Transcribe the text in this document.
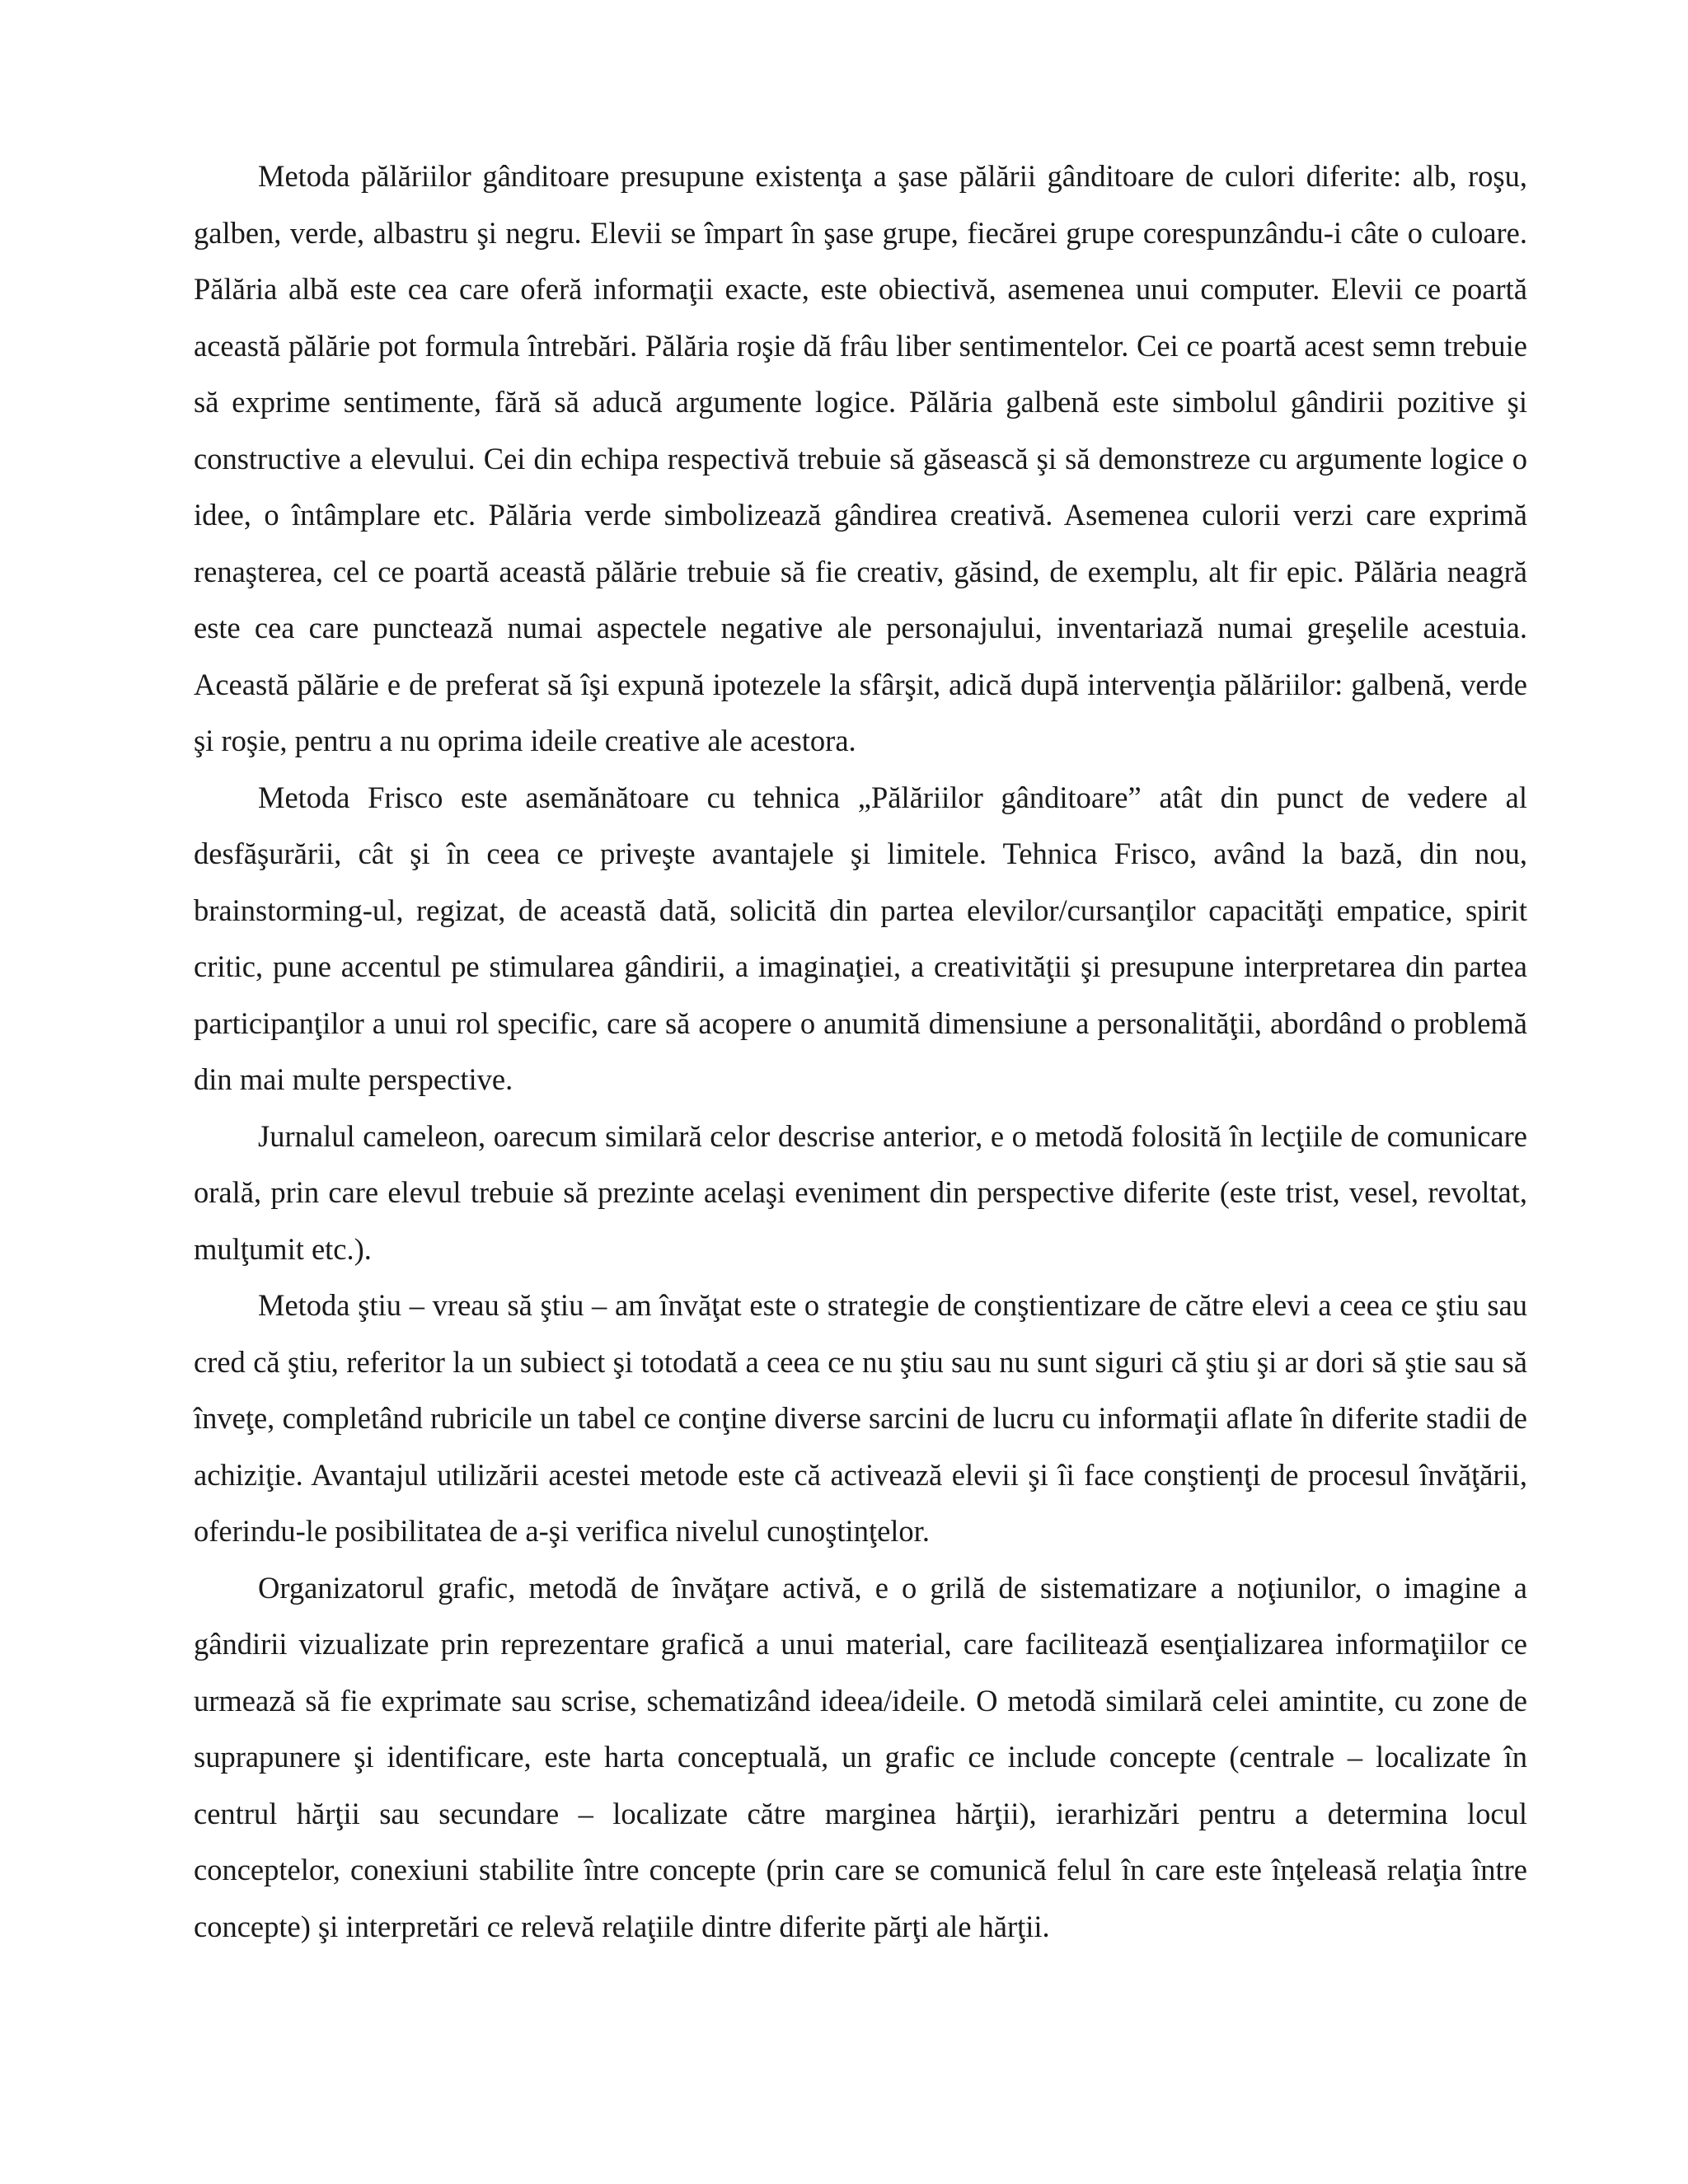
Metoda pălăriilor gânditoare presupune existenţa a şase pălării gânditoare de culori diferite: alb, roşu, galben, verde, albastru şi negru. Elevii se împart în şase grupe, fiecărei grupe corespunzându-i câte o culoare. Pălăria albă este cea care oferă informaţii exacte, este obiectivă, asemenea unui computer. Elevii ce poartă această pălărie pot formula întrebări. Pălăria roşie dă frâu liber sentimentelor. Cei ce poartă acest semn trebuie să exprime sentimente, fără să aducă argumente logice. Pălăria galbenă este simbolul gândirii pozitive şi constructive a elevului. Cei din echipa respectivă trebuie să găsească şi să demonstreze cu argumente logice o idee, o întâmplare etc. Pălăria verde simbolizează gândirea creativă. Asemenea culorii verzi care exprimă renaşterea, cel ce poartă această pălărie trebuie să fie creativ, găsind, de exemplu, alt fir epic. Pălăria neagră este cea care punctează numai aspectele negative ale personajului, inventariază numai greşelile acestuia. Această pălărie e de preferat să îşi expună ipotezele la sfârşit, adică după intervenţia pălăriilor: galbenă, verde şi roşie, pentru a nu oprima ideile creative ale acestora.

Metoda Frisco este asemănătoare cu tehnica „Pălăriilor gânditoare” atât din punct de vedere al desfăşurării, cât şi în ceea ce priveşte avantajele şi limitele. Tehnica Frisco, având la bază, din nou, brainstorming-ul, regizat, de această dată, solicită din partea elevilor/cursanţilor capacităţi empatice, spirit critic, pune accentul pe stimularea gândirii, a imaginaţiei, a creativităţii şi presupune interpretarea din partea participanţilor a unui rol specific, care să acopere o anumită dimensiune a personalităţii, abordând o problemă din mai multe perspective.

Jurnalul cameleon, oarecum similară celor descrise anterior, e o metodă folosită în lecţiile de comunicare orală, prin care elevul trebuie să prezinte acelaşi eveniment din perspective diferite (este trist, vesel, revoltat, mulţumit etc.).

Metoda ştiu – vreau să ştiu – am învăţat este o strategie de conştientizare de către elevi a ceea ce ştiu sau cred că ştiu, referitor la un subiect şi totodată a ceea ce nu ştiu sau nu sunt siguri că ştiu şi ar dori să ştie sau să înveţe, completând rubricile un tabel ce conţine diverse sarcini de lucru cu informaţii aflate în diferite stadii de achiziţie. Avantajul utilizării acestei metode este că activează elevii şi îi face conştienţi de procesul învăţării, oferindu-le posibilitatea de a-şi verifica nivelul cunoştinţelor.

Organizatorul grafic, metodă de învăţare activă, e o grilă de sistematizare a noţiunilor, o imagine a gândirii vizualizate prin reprezentare grafică a unui material, care facilitează esenţializarea informaţiilor ce urmează să fie exprimate sau scrise, schematizând ideea/ideile. O metodă similară celei amintite, cu zone de suprapunere şi identificare, este harta conceptuală, un grafic ce include concepte (centrale – localizate în centrul hărţii sau secundare – localizate către marginea hărţii), ierarhizări pentru a determina locul conceptelor, conexiuni stabilite între concepte (prin care se comunică felul în care este înţeleasă relaţia între concepte) şi interpretări ce relevă relaţiile dintre diferite părţi ale hărţii.
